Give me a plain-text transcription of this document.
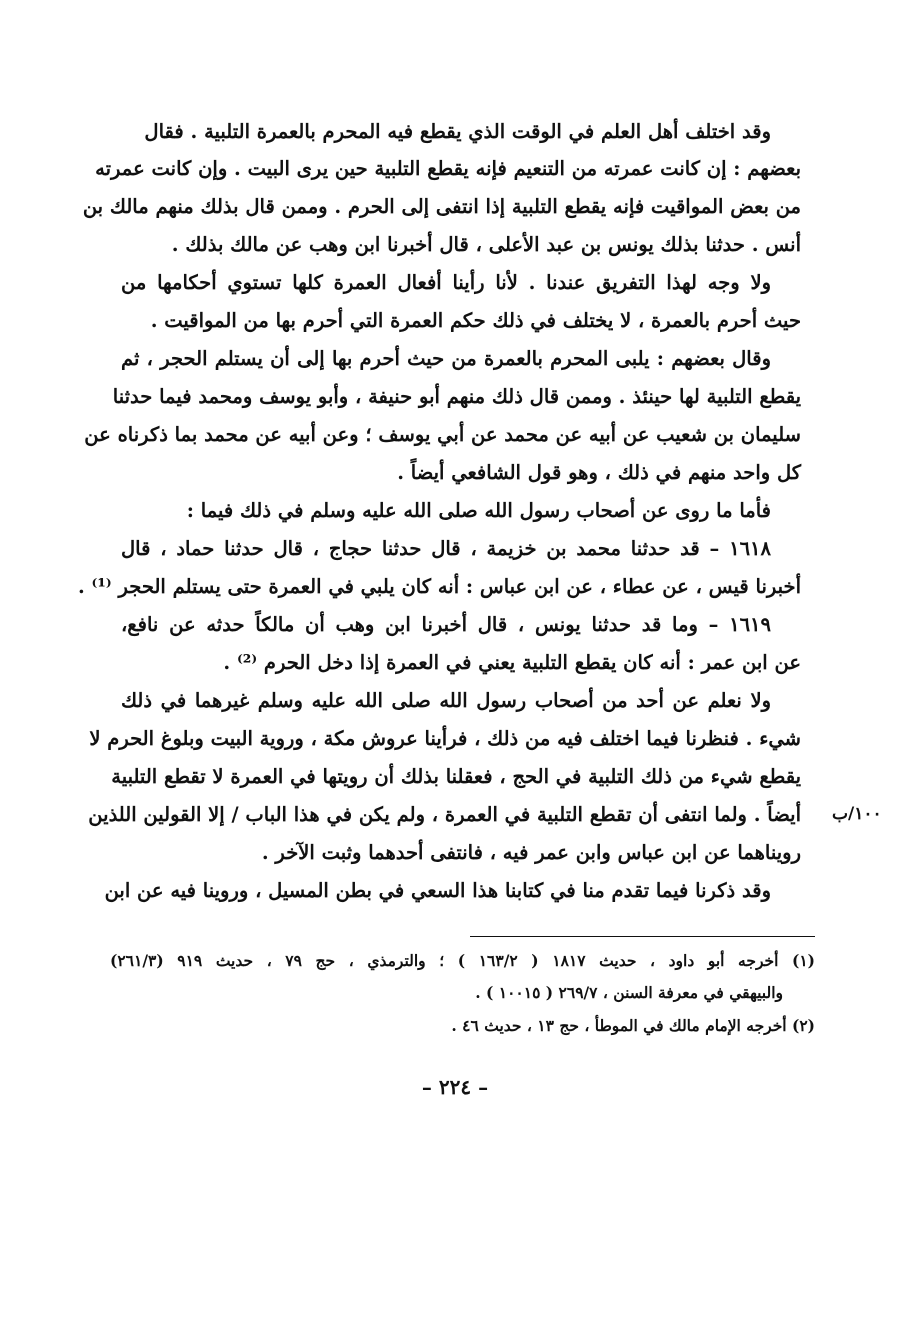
وقد اختلف أهل العلم في الوقت الذي يقطع فيه المحرم بالعمرة التلبية . فقال
بعضهم : إن كانت عمرته من التنعيم فإنه يقطع التلبية حين يرى البيت . وإن كانت عمرته
من بعض المواقيت فإنه يقطع التلبية إذا انتفى إلى الحرم . وممن قال بذلك منهم مالك بن
أنس . حدثنا بذلك يونس بن عبد الأعلى ، قال أخبرنا ابن وهب عن مالك بذلك .
ولا وجه لهذا التفريق عندنا . لأنا رأينا أفعال العمرة كلها تستوي أحكامها من
حيث أحرم بالعمرة ، لا يختلف في ذلك حكم العمرة التي أحرم بها من المواقيت .
وقال بعضهم : يلبى المحرم بالعمرة من حيث أحرم بها إلى أن يستلم الحجر ، ثم
يقطع التلبية لها حينئذ . وممن قال ذلك منهم أبو حنيفة ، وأبو يوسف ومحمد فيما حدثنا
سليمان بن شعيب عن أبيه عن محمد عن أبي يوسف ؛ وعن أبيه عن محمد بما ذكرناه عن
كل واحد منهم في ذلك ، وهو قول الشافعي أيضاً .
فأما ما روى عن أصحاب رسول الله صلى الله عليه وسلم في ذلك فيما :
١٦١٨ – قد حدثنا محمد بن خزيمة ، قال حدثنا حجاج ، قال حدثنا حماد ، قال
أخبرنا قيس ، عن عطاء ، عن ابن عباس : أنه كان يلبي في العمرة حتى يستلم الحجر ⁽¹⁾ .
١٦١٩ – وما قد حدثنا يونس ، قال أخبرنا ابن وهب أن مالكاً حدثه عن نافع،
عن ابن عمر : أنه كان يقطع التلبية يعني في العمرة إذا دخل الحرم ⁽²⁾ .
ولا نعلم عن أحد من أصحاب رسول الله صلى الله عليه وسلم غيرهما في ذلك
شيء . فنظرنا فيما اختلف فيه من ذلك ، فرأينا عروش مكة ، وروية البيت وبلوغ الحرم لا
يقطع شيء من ذلك التلبية في الحج ، فعقلنا بذلك أن رويتها في العمرة لا تقطع التلبية
أيضاً . ولما انتفى أن تقطع التلبية في العمرة ، ولم يكن في هذا الباب / إلا القولين اللذين
رويناهما عن ابن عباس وابن عمر فيه ، فانتفى أحدهما وثبت الآخر .
١٠٠/ب
وقد ذكرنا فيما تقدم منا في كتابنا هذا السعي في بطن المسيل ، وروينا فيه عن ابن
(١) أخرجه أبو داود ، حديث ١٨١٧ ( ١٦٣/٢ ) ؛ والترمذي ، حج ٧٩ ، حديث ٩١٩ (٢٦١/٣)
والبيهقي في معرفة السنن ، ٢٦٩/٧ ( ١٠٠١٥ ) .
(٢) أخرجه الإمام مالك في الموطأ ، حج ١٣ ، حديث ٤٦ .
– ٢٢٤ –
